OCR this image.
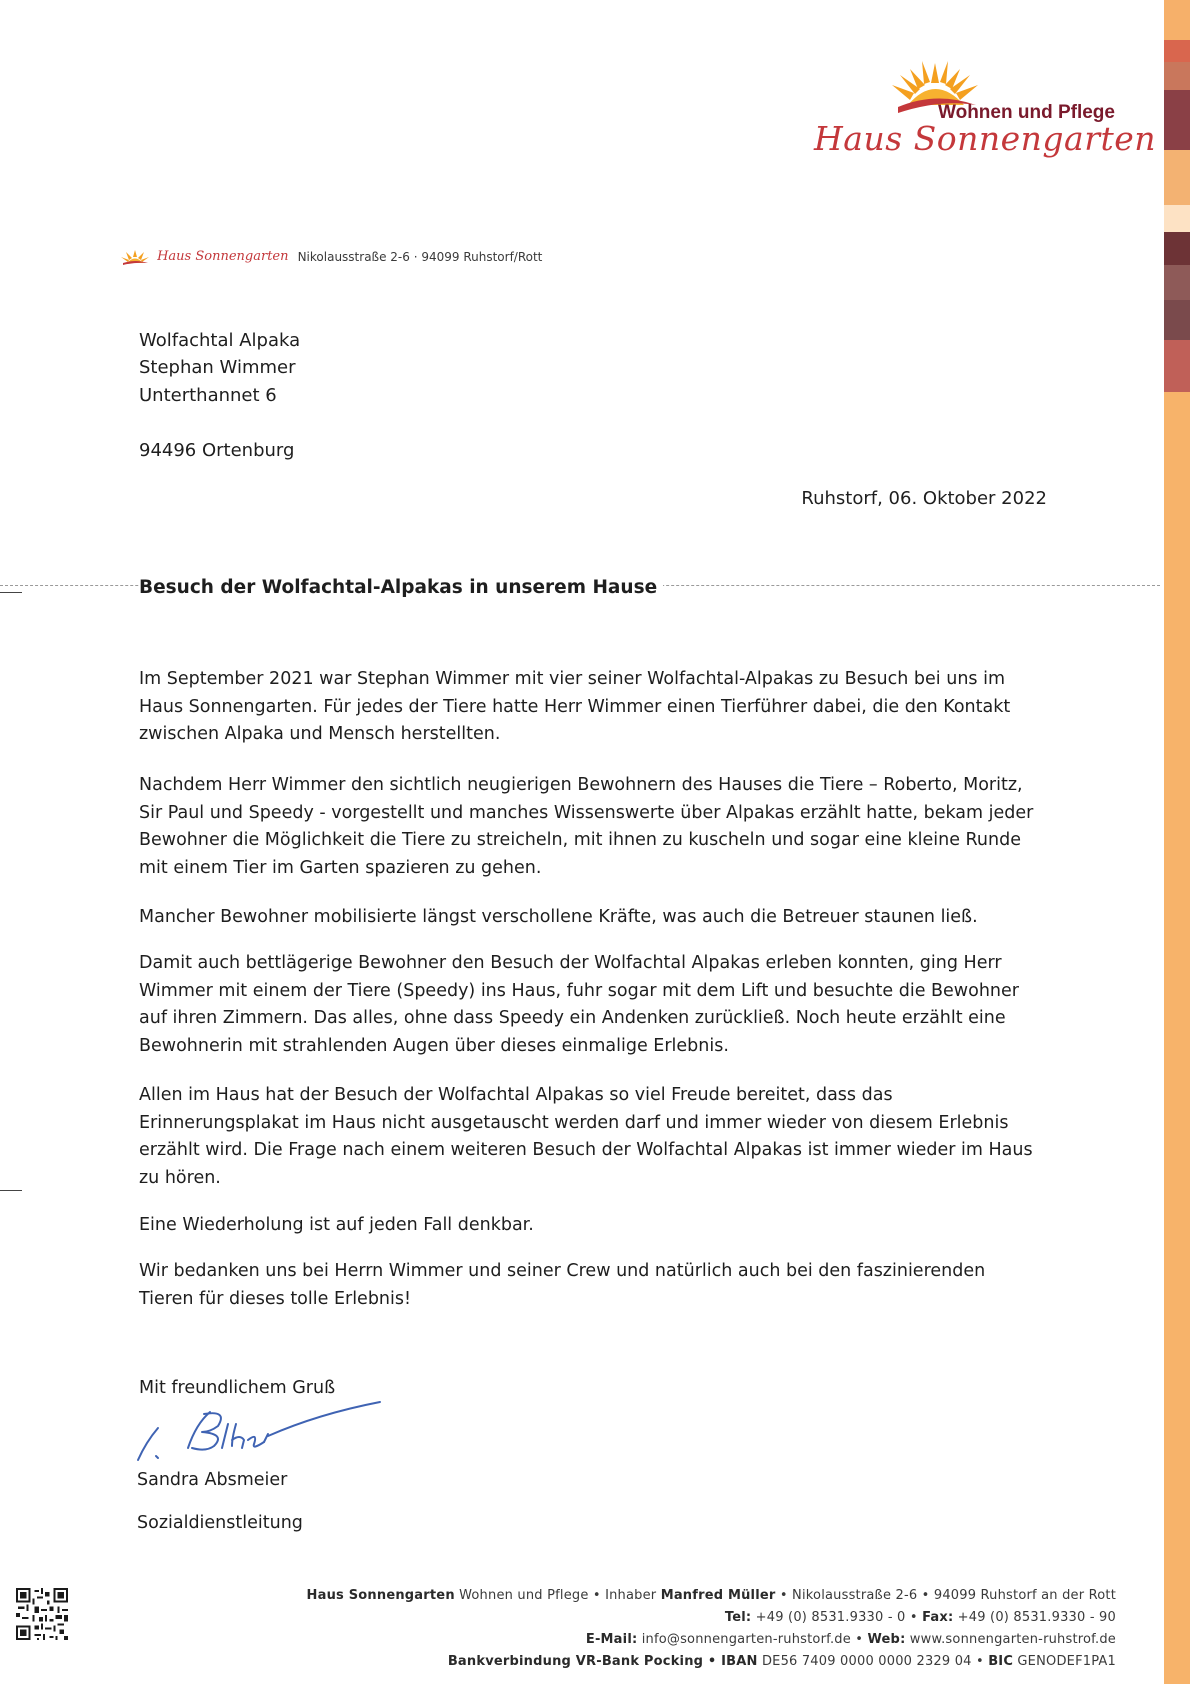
Wohnen und Pflege
Haus Sonnengarten
Haus Sonnengarten Nikolausstraße 2-6 · 94099 Ruhstorf/Rott
Wolfachtal Alpaka
Stephan Wimmer
Unterthannet 6
94496 Ortenburg
Ruhstorf, 06. Oktober 2022
Besuch der Wolfachtal-Alpakas in unserem Hause

Im September 2021 war Stephan Wimmer mit vier seiner Wolfachtal-Alpakas zu Besuch bei uns im Haus Sonnengarten. Für jedes der Tiere hatte Herr Wimmer einen Tierführer dabei, die den Kontakt zwischen Alpaka und Mensch herstellten.

Nachdem Herr Wimmer den sichtlich neugierigen Bewohnern des Hauses die Tiere – Roberto, Moritz, Sir Paul und Speedy - vorgestellt und manches Wissenswerte über Alpakas erzählt hatte, bekam jeder Bewohner die Möglichkeit die Tiere zu streicheln, mit ihnen zu kuscheln und sogar eine kleine Runde mit einem Tier im Garten spazieren zu gehen.

Mancher Bewohner mobilisierte längst verschollene Kräfte, was auch die Betreuer staunen ließ.

Damit auch bettlägerige Bewohner den Besuch der Wolfachtal Alpakas erleben konnten, ging Herr Wimmer mit einem der Tiere (Speedy) ins Haus, fuhr sogar mit dem Lift und besuchte die Bewohner auf ihren Zimmern. Das alles, ohne dass Speedy ein Andenken zurückließ. Noch heute erzählt eine Bewohnerin mit strahlenden Augen über dieses einmalige Erlebnis.

Allen im Haus hat der Besuch der Wolfachtal Alpakas so viel Freude bereitet, dass das Erinnerungsplakat im Haus nicht ausgetauscht werden darf und immer wieder von diesem Erlebnis erzählt wird. Die Frage nach einem weiteren Besuch der Wolfachtal Alpakas ist immer wieder im Haus zu hören.

Eine Wiederholung ist auf jeden Fall denkbar.

Wir bedanken uns bei Herrn Wimmer und seiner Crew und natürlich auch bei den faszinierenden Tieren für dieses tolle Erlebnis!

Mit freundlichem Gruß
Sandra Absmeier
Sozialdienstleitung
Haus Sonnengarten Wohnen und Pflege • Inhaber Manfred Müller • Nikolausstraße 2-6 • 94099 Ruhstorf an der Rott
Tel: +49 (0) 8531.9330 - 0 • Fax: +49 (0) 8531.9330 - 90
E-Mail: info@sonnengarten-ruhstorf.de • Web: www.sonnengarten-ruhstrof.de
Bankverbindung VR-Bank Pocking • IBAN DE56 7409 0000 0000 2329 04 • BIC GENODEF1PA1
